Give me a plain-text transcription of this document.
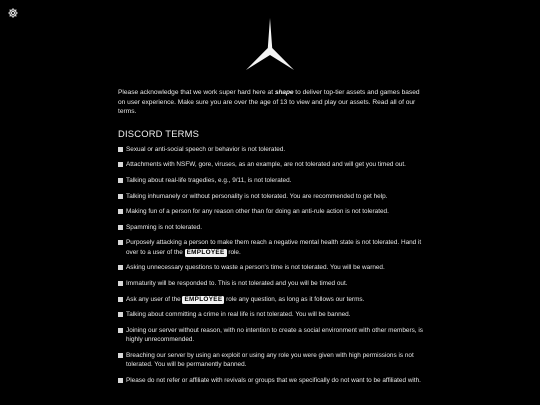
Please acknowledge that we work super hard here at shape to deliver top-tier assets and games based on user experience. Make sure you are over the age of 13 to view and play our assets. Read all of our terms.

DISCORD TERMS
Sexual or anti-social speech or behavior is not tolerated.
Attachments with NSFW, gore, viruses, as an example, are not tolerated and will get you timed out.
Talking about real-life tragedies, e.g., 9/11, is not tolerated.
Talking inhumanely or without personality is not tolerated. You are recommended to get help.
Making fun of a person for any reason other than for doing an anti-rule action is not tolerated.
Spamming is not tolerated.
Purposely attacking a person to make them reach a negative mental health state is not tolerated. Hand it over to a user of the EMPLOYEE role.
Asking unnecessary questions to waste a person's time is not tolerated. You will be warned.
Immaturity will be responded to. This is not tolerated and you will be timed out.
Ask any user of the EMPLOYEE role any question, as long as it follows our terms.
Talking about committing a crime in real life is not tolerated. You will be banned.
Joining our server without reason, with no intention to create a social environment with other members, is highly unrecommended.
Breaching our server by using an exploit or using any role you were given with high permissions is not tolerated. You will be permanently banned.
Please do not refer or affiliate with revivals or groups that we specifically do not want to be affiliated with.
